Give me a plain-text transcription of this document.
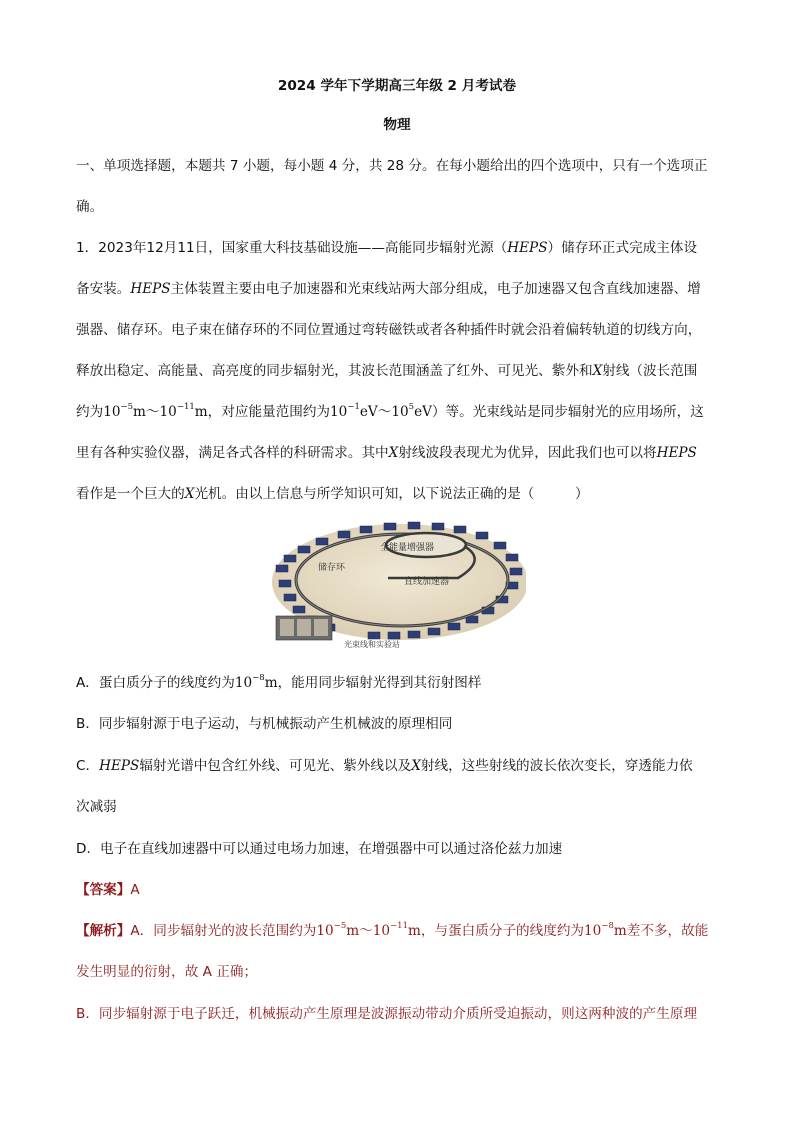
2024 学年下学期高三年级 2 月考试卷
物理
一、单项选择题，本题共 7 小题，每小题 4 分，共 28 分。在每小题给出的四个选项中，只有一个选项正
确。
1．2023年12月11日，国家重大科技基础设施——高能同步辐射光源（HEPS）储存环正式完成主体设
备安装。HEPS主体装置主要由电子加速器和光束线站两大部分组成，电子加速器又包含直线加速器、增
强器、储存环。电子束在储存环的不同位置通过弯转磁铁或者各种插件时就会沿着偏转轨道的切线方向，
释放出稳定、高能量、高亮度的同步辐射光，其波长范围涵盖了红外、可见光、紫外和X射线（波长范围
约为$10^{-5}m\sim 10^{-11}m$，对应能量范围约为$10^{-1}eV\sim 10^5eV$）等。光束线站是同步辐射光的应用场所，这
里有各种实验仪器，满足各式各样的科研需求。其中X射线波段表现尤为优异，因此我们也可以将HEPS
看作是一个巨大的X光机。由以上信息与所学知识可知，以下说法正确的是（　　　）
储存环
全能量增强器
直线加速器
光束线和实验站
A．蛋白质分子的线度约为$10^{-8}m$，能用同步辐射光得到其衍射图样
B．同步辐射源于电子运动，与机械振动产生机械波的原理相同
C．HEPS辐射光谱中包含红外线、可见光、紫外线以及X射线，这些射线的波长依次变长，穿透能力依
次减弱
D．电子在直线加速器中可以通过电场力加速，在增强器中可以通过洛伦兹力加速
【答案】A
【解析】A．同步辐射光的波长范围约为$10^{-5}m\sim 10^{-11}m$，与蛋白质分子的线度约为$10^{-8}m$差不多，故能
发生明显的衍射，故 A 正确；
B．同步辐射源于电子跃迁，机械振动产生原理是波源振动带动介质所受迫振动，则这两种波的产生原理
